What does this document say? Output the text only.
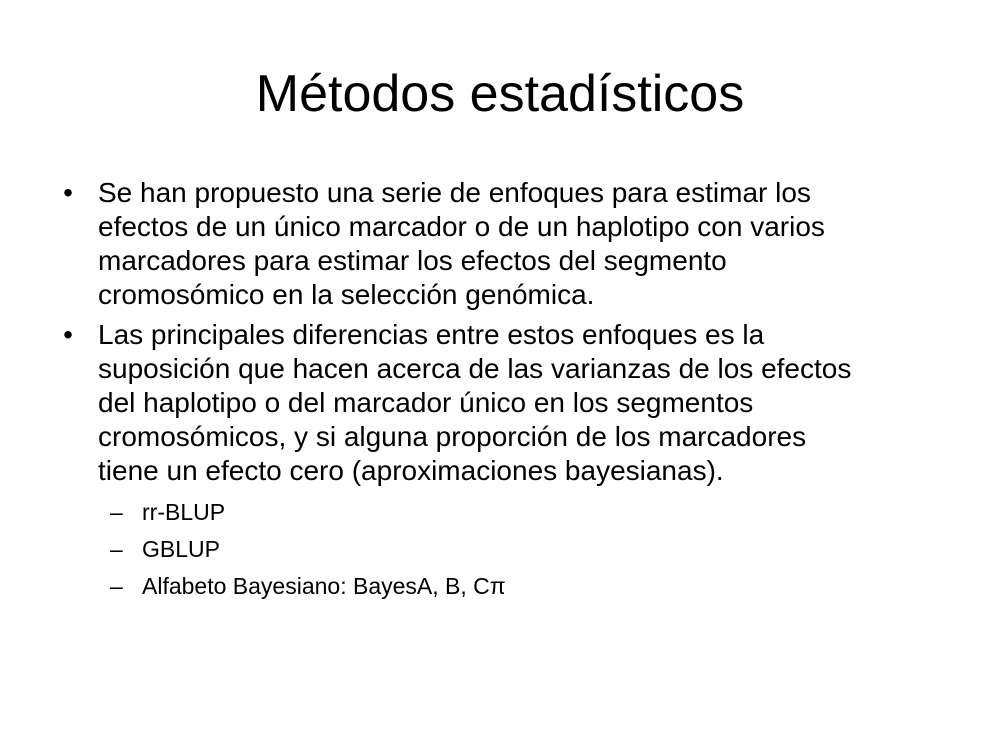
Métodos estadísticos
• Se han propuesto una serie de enfoques para estimar los
efectos de un único marcador o de un haplotipo con varios
marcadores para estimar los efectos del segmento
cromosómico en la selección genómica.
• Las principales diferencias entre estos enfoques es la
suposición que hacen acerca de las varianzas de los efectos
del haplotipo o del marcador único en los segmentos
cromosómicos, y si alguna proporción de los marcadores
tiene un efecto cero (aproximaciones bayesianas).
– rr-BLUP
– GBLUP
– Alfabeto Bayesiano: BayesA, B, Cπ
